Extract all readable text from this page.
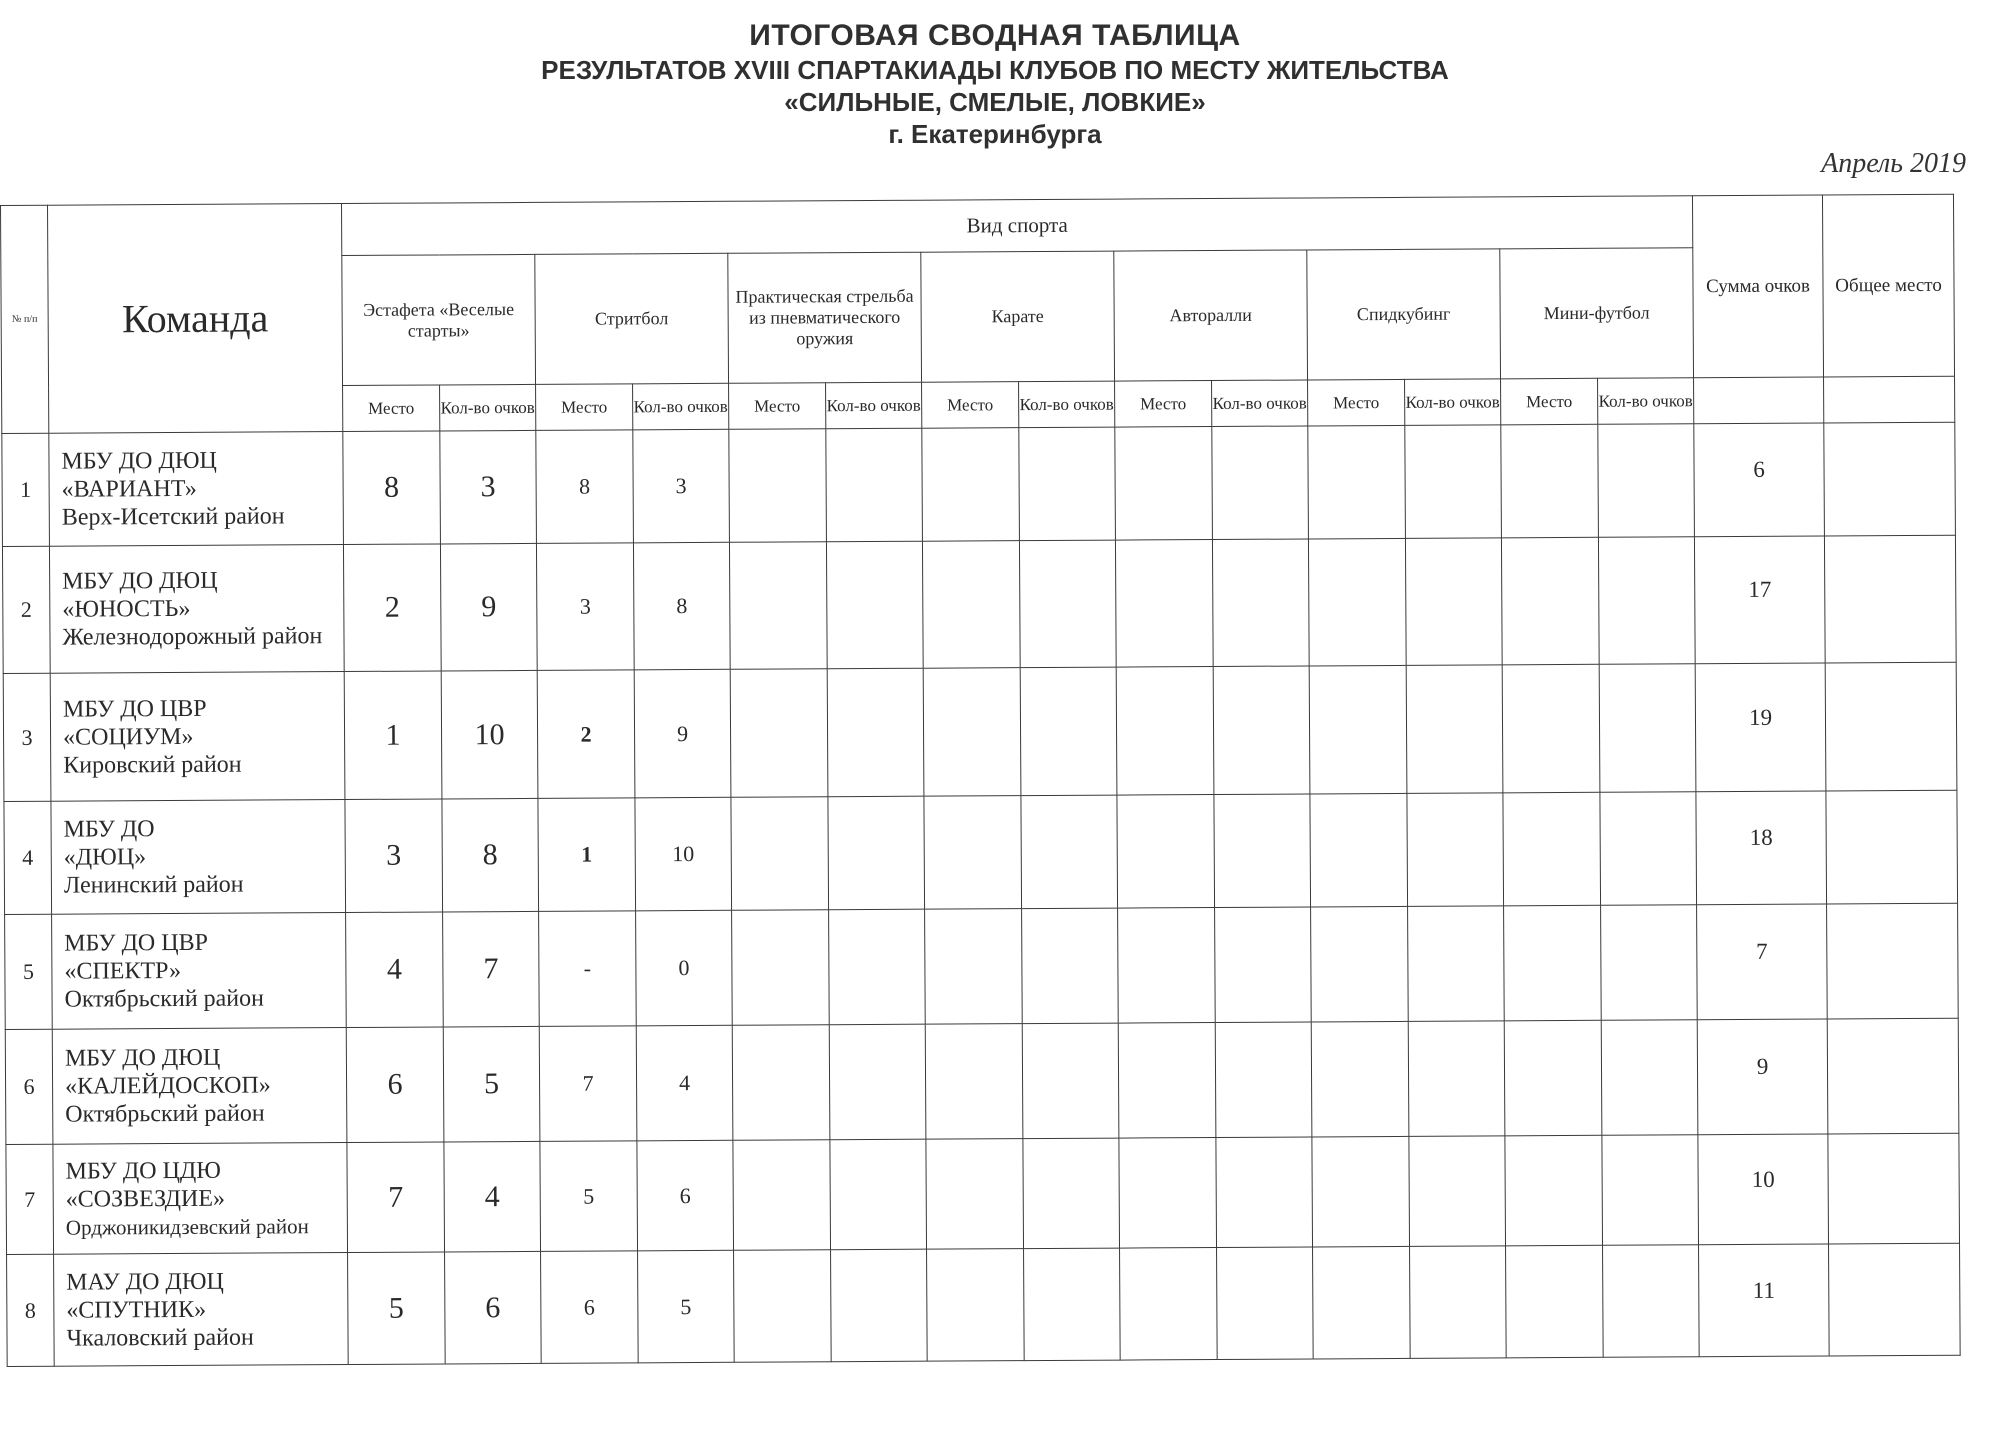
ИТОГОВАЯ СВОДНАЯ ТАБЛИЦА
РЕЗУЛЬТАТОВ XVIII СПАРТАКИАДЫ КЛУБОВ ПО МЕСТУ ЖИТЕЛЬСТВА
«СИЛЬНЫЕ, СМЕЛЫЕ, ЛОВКИЕ»
г. Екатеринбурга
Апрель 2019
№ п/п	Команда	Вид спорта														Сумма очков	Общее место
		Эстафета «Веселые старты»		Стритбол		Практическая стрельба из пневматического оружия		Карате		Авторалли		Спидкубинг		Мини-футбол			
		Место	Кол-во очков	Место	Кол-во очков	Место	Кол-во очков	Место	Кол-во очков	Место	Кол-во очков	Место	Кол-во очков	Место	Кол-во очков		
1	МБУ ДО ДЮЦ
«ВАРИАНТ»
Верх-Исетский район	8	3	8	3											6	
2	МБУ ДО ДЮЦ
«ЮНОСТЬ»
Железнодорожный район	2	9	3	8											17	
3	МБУ ДО ЦВР
«СОЦИУМ»
Кировский район	1	10	2	9											19	
4	МБУ ДО
«ДЮЦ»
Ленинский район	3	8	1	10											18	
5	МБУ ДО ЦВР
«СПЕКТР»
Октябрьский район	4	7	-	0											7	
6	МБУ ДО ДЮЦ
«КАЛЕЙДОСКОП»
Октябрьский район	6	5	7	4											9	
7	МБУ ДО ЦДЮ
«СОЗВЕЗДИЕ»
Орджоникидзевский район	7	4	5	6											10	
8	МАУ ДО ДЮЦ
«СПУТНИК»
Чкаловский район	5	6	6	5											11	
